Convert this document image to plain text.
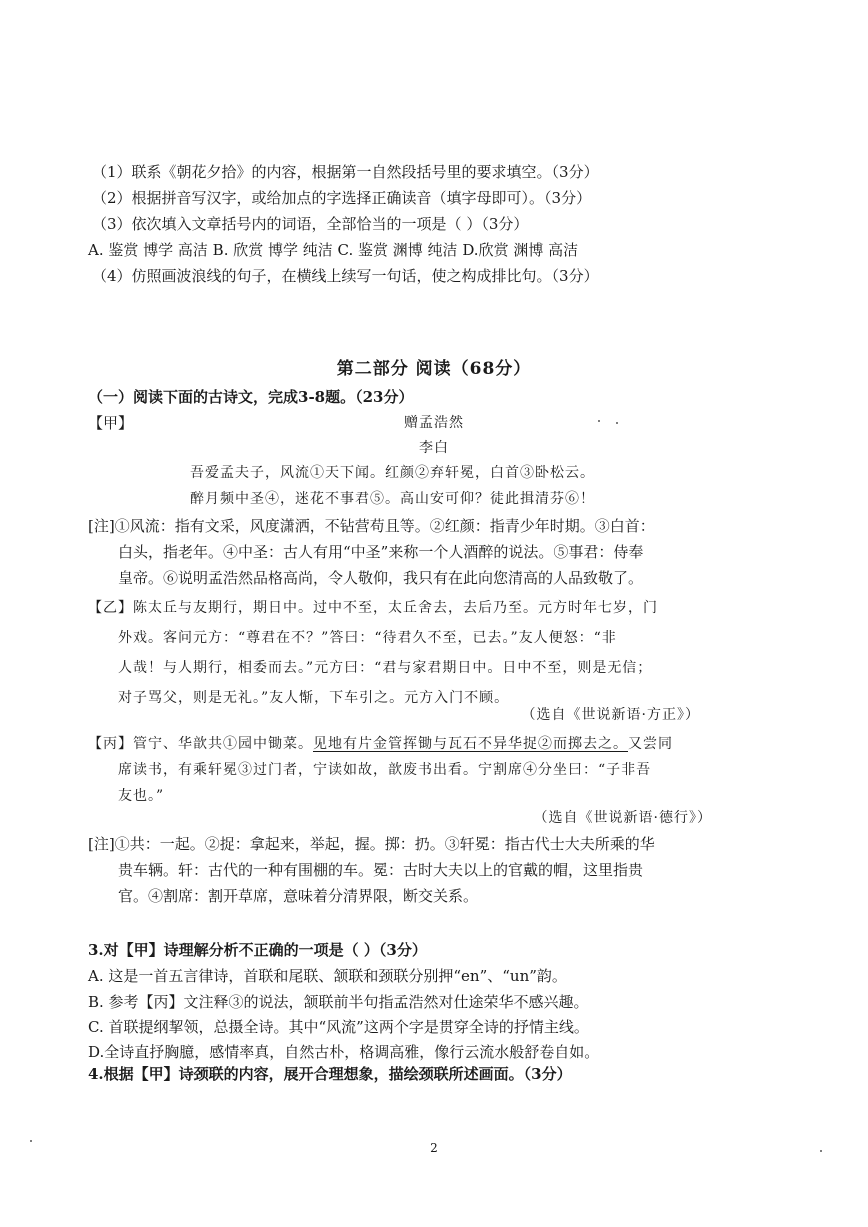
（1）联系《朝花夕拾》的内容，根据第一自然段括号里的要求填空。（3分）
（2）根据拼音写汉字，或给加点的字选择正确读音（填字母即可）。（3分）
（3）依次填入文章括号内的词语，全部恰当的一项是（ ）（3分）
A. 鉴赏 博学 高洁 B. 欣赏 博学 纯洁 C. 鉴赏 渊博 纯洁 D.欣赏 渊博 高洁
（4）仿照画波浪线的句子，在横线上续写一句话，使之构成排比句。（3分）
第二部分 阅读（68分）
（一）阅读下面的古诗文，完成3-8题。（23分）
【甲】	赠孟浩然
李白
吾爱孟夫子，风流①天下闻。红颜②弃轩冕，白首③卧松云。
醉月频中圣④，迷花不事君⑤。高山安可仰？徒此揖清芬⑥！
[注]①风流：指有文采，风度潇洒，不钻营苟且等。②红颜：指青少年时期。③白首：
白头，指老年。④中圣：古人有用“中圣”来称一个人酒醉的说法。⑤事君：侍奉
皇帝。⑥说明孟浩然品格高尚，令人敬仰，我只有在此向您清高的人品致敬了。
【乙】陈太丘与友期行，期日中。过中不至，太丘舍去，去后乃至。元方时年七岁，门
外戏。客问元方：“尊君在不？”答曰：“待君久不至，已去。”友人便怒：“非
人哉！与人期行，相委而去。”元方曰：“君与家君期日中。日中不至，则是无信；
对子骂父，则是无礼。”友人惭，下车引之。元方入门不顾。
（选自《世说新语·方正》）
【丙】管宁、华歆共①园中锄菜。见地有片金管挥锄与瓦石不异华捉②而掷去之。又尝同
席读书，有乘轩冕③过门者，宁读如故，歆废书出看。宁割席④分坐曰：“子非吾
友也。”
（选自《世说新语·德行》）
[注]①共：一起。②捉：拿起来，举起，握。掷：扔。③轩冕：指古代士大夫所乘的华
贵车辆。轩：古代的一种有围棚的车。冕：古时大夫以上的官戴的帽，这里指贵
官。④割席：割开草席，意味着分清界限，断交关系。
3.对【甲】诗理解分析不正确的一项是（ ）（3分）
A. 这是一首五言律诗，首联和尾联、颔联和颈联分别押“en”、“un”韵。
B. 参考【丙】文注释③的说法，颔联前半句指孟浩然对仕途荣华不感兴趣。
C. 首联提纲挈领，总摄全诗。其中“风流”这两个字是贯穿全诗的抒情主线。
D.全诗直抒胸臆，感情率真，自然古朴，格调高雅，像行云流水般舒卷自如。
4.根据【甲】诗颈联的内容，展开合理想象，描绘颈联所述画面。（3分）
2
